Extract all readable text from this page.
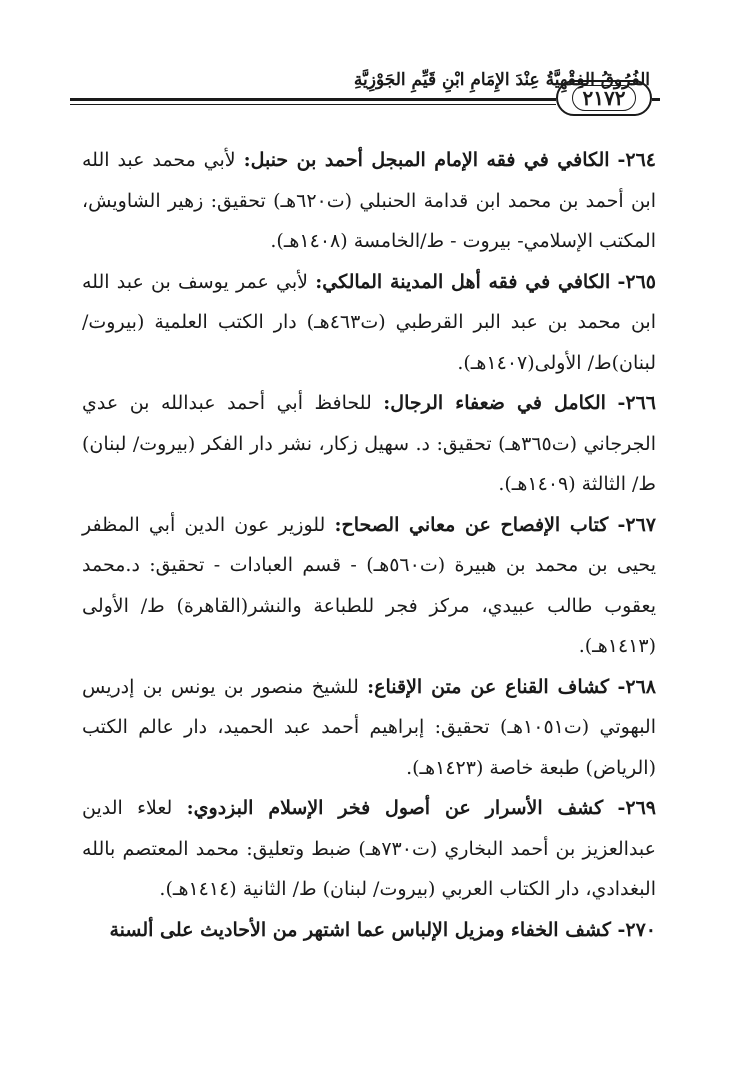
٢١٧٢
الفُرُوقُ الفِقْهِيَّةُ عِنْدَ الإِمَامِ ابْنِ قَيِّمِ الجَوْزِيَّةِ
٢٦٤- الكافي في فقه الإمام المبجل أحمد بن حنبل: لأبي محمد عبد الله ابن أحمد بن محمد ابن قدامة الحنبلي (ت٦٢٠هـ) تحقيق: زهير الشاويش، المكتب الإسلامي- بيروت - ط/الخامسة (١٤٠٨هـ).
٢٦٥- الكافي في فقه أهل المدينة المالكي: لأبي عمر يوسف بن عبد الله ابن محمد بن عبد البر القرطبي (ت٤٦٣هـ) دار الكتب العلمية (بيروت/ لبنان)ط/ الأولى(١٤٠٧هـ).
٢٦٦- الكامل في ضعفاء الرجال: للحافظ أبي أحمد عبدالله بن عدي الجرجاني (ت٣٦٥هـ) تحقيق: د. سهيل زكار، نشر دار الفكر (بيروت/ لبنان) ط/ الثالثة (١٤٠٩هـ).
٢٦٧- كتاب الإفصاح عن معاني الصحاح: للوزير عون الدين أبي المظفر يحيى بن محمد بن هبيرة (ت٥٦٠هـ) - قسم العبادات - تحقيق: د.محمد يعقوب طالب عبيدي، مركز فجر للطباعة والنشر(القاهرة) ط/ الأولى (١٤١٣هـ).
٢٦٨- كشاف القناع عن متن الإقناع: للشيخ منصور بن يونس بن إدريس البهوتي (ت١٠٥١هـ) تحقيق: إبراهيم أحمد عبد الحميد، دار عالم الكتب (الرياض) طبعة خاصة (١٤٢٣هـ).
٢٦٩- كشف الأسرار عن أصول فخر الإسلام البزدوي: لعلاء الدين عبدالعزيز بن أحمد البخاري (ت٧٣٠هـ) ضبط وتعليق: محمد المعتصم بالله البغدادي، دار الكتاب العربي (بيروت/ لبنان) ط/ الثانية (١٤١٤هـ).
٢٧٠- كشف الخفاء ومزيل الإلباس عما اشتهر من الأحاديث على ألسنة
